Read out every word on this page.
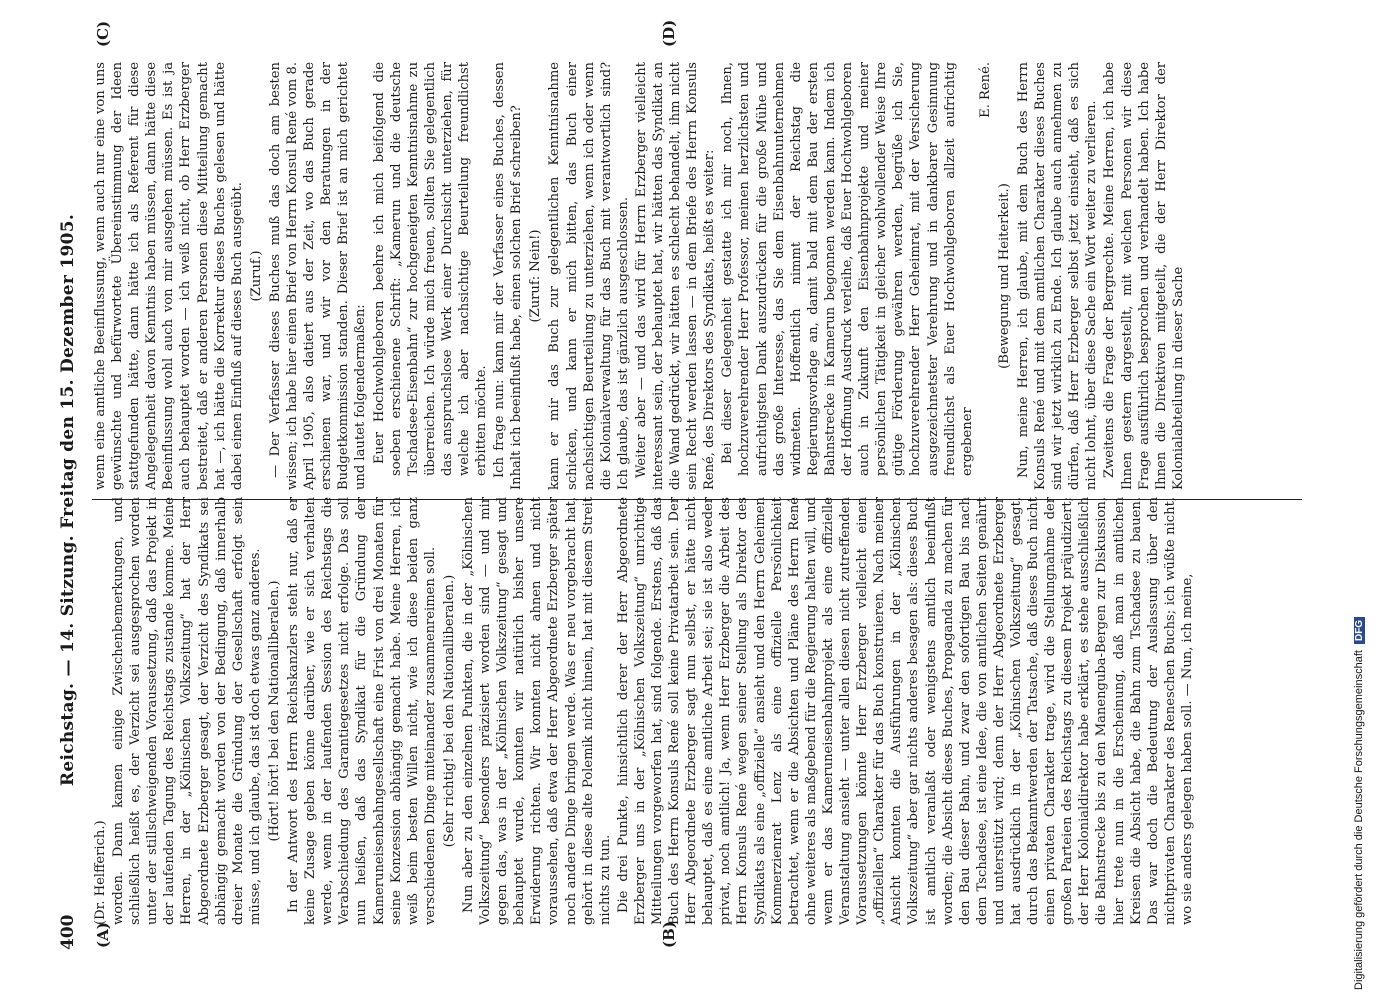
400
Reichstag. — 14. Sitzung. Freitag den 15. Dezember 1905.
(A)	(B)
(C)	(D)

(Dr. Helfferich.) worden. Dann kamen einige Zwischenbemerkungen, und schließlich heißt es, der Verzicht sei ausgesprochen worden unter der stillschweigenden Voraussetzung, daß das Projekt in der laufenden Tagung des Reichstags zustande komme. Meine Herren, in der „Kölnischen Volkszeitung“ hat der Herr Abgeordnete Erzberger gesagt, der Verzicht des Syndikats sei abhängig gemacht worden von der Bedingung, daß innerhalb dreier Monate die Gründung der Gesellschaft erfolgt sein müsse, und ich glaube, das ist doch etwas ganz anderes. (Hört! hört! bei den Nationalliberalen.) In der Antwort des Herrn Reichskanzlers steht nur, daß er keine Zusage geben könne darüber, wie er sich verhalten werde, wenn in der laufenden Session des Reichstags die Verabschiedung des Garantiegesetzes nicht erfolge. Das soll nun heißen, daß das Syndikat für die Gründung der Kameruneisenbahngesellschaft eine Frist von drei Monaten für seine Konzession abhängig gemacht habe. Meine Herren, ich weiß beim besten Willen nicht, wie ich diese beiden ganz verschiedenen Dinge miteinander zusammenreimen soll. (Sehr richtig! bei den Nationalliberalen.) Nun aber zu den einzelnen Punkten, die in der „Kölnischen Volkszeitung“ besonders präzisiert worden sind — und mir gegen das, was in der „Kölnischen Volkszeitung“ gesagt und behauptet wurde, konnten wir natürlich bisher unsere Erwiderung richten. Wir konnten nicht ahnen und nicht voraussehen, daß etwa der Herr Abgeordnete Erzberger später noch andere Dinge bringen werde. Was er neu vorgebracht hat, gehört in diese alte Polemik nicht hinein, hat mit diesem Streit nichts zu tun. Die drei Punkte, hinsichtlich derer der Herr Abgeordnete Erzberger uns in der „Kölnischen Volkszeitung“ unrichtige Mitteilungen vorgeworfen hat, sind folgende. Erstens, daß das Buch des Herrn Konsuls René soll keine Privatarbeit sein. Der Herr Abgeordnete Erzberger sagt nun selbst, er hätte nicht behauptet, daß es eine amtliche Arbeit sei; sie ist also weder privat, noch amtlich! Ja, wenn Herr Erzberger die Arbeit des Herrn Konsuls René wegen seiner Stellung als Direktor des Syndikats als eine „offizielle“ ansieht und den Herrn Geheimen Kommerzienrat Lenz als eine offizielle Persönlichkeit betrachtet, wenn er die Absichten und Pläne des Herrn René ohne weiteres als maßgebend für die Regierung halten will, und wenn er das Kameruneisenbahnprojekt als eine offizielle Veranstaltung ansieht — unter allen diesen nicht zutreffenden Voraussetzungen könnte Herr Erzberger vielleicht einen „offiziellen“ Charakter für das Buch konstruieren. Nach meiner Ansicht konnten die Ausführungen in der „Kölnischen Volkszeitung“ aber gar nichts anderes besagen als: dieses Buch ist amtlich veranlaßt oder wenigstens amtlich beeinflußt worden; die Absicht dieses Buches, Propaganda zu machen für den Bau dieser Bahn, und zwar den sofortigen Bau bis nach dem Tschadsee, ist eine Idee, die von amtlichen Seiten genährt und unterstützt wird; denn der Herr Abgeordnete Erzberger hat ausdrücklich in der „Kölnischen Volkszeitung“ gesagt, durch das Bekanntwerden der Tatsache, daß dieses Buch nicht einen privaten Charakter trage, wird die Stellungnahme der großen Parteien des Reichstags zu diesem Projekt präjudiziert; der Herr Kolonialdirektor habe erklärt, es stehe ausschließlich die Bahnstrecke bis zu den Manenguba-Bergen zur Diskussion, hier trete nun in die Erscheinung, daß man in amtlichen Kreisen die Absicht habe, die Bahn zum Tschadsee zu bauen. Das war doch die Bedeutung der Auslassung über den nichtprivaten Charakter des Reneschen Buchs; ich wüßte nicht, wo sie anders gelegen haben soll. — Nun, ich meine,

wenn eine amtliche Beeinflussung, wenn auch nur eine von uns gewünschte und befürwortete Übereinstimmung der Ideen stattgefunden hätte, dann hätte ich als Referent für diese Angelegenheit davon Kenntnis haben müssen, dann hätte diese Beeinflussung wohl auch von mir ausgehen müssen. Es ist ja auch behauptet worden — ich weiß nicht, ob Herr Erzberger bestreitet, daß er anderen Personen diese Mitteilung gemacht hat —, ich hätte die Korrektur dieses Buches gelesen und hätte dabei einen Einfluß auf dieses Buch ausgeübt. (Zuruf.) — Der Verfasser dieses Buches muß das doch am besten wissen; ich habe hier einen Brief von Herrn Konsul René vom 8. April 1905, also datiert aus der Zeit, wo das Buch gerade erschienen war, und wir vor den Beratungen in der Budgetkommission standen. Dieser Brief ist an mich gerichtet und lautet folgendermaßen: Euer Hochwohlgeboren beehre ich mich beifolgend die soeben erschienene Schrift: „Kamerun und die deutsche Tschadsee-Eisenbahn“ zur hochgeneigten Kenntnisnahme zu überreichen. Ich würde mich freuen, sollten Sie gelegentlich das anspruchslose Werk einer Durchsicht unterziehen, für welche ich aber nachsichtige Beurteilung freundlichst erbitten möchte. Ich frage nun: kann mir der Verfasser eines Buches, dessen Inhalt ich beeinflußt habe, einen solchen Brief schreiben? (Zuruf: Nein!) kann er mir das Buch zur gelegentlichen Kenntnisnahme schicken, und kann er mich bitten, das Buch einer nachsichtigen Beurteilung zu unterziehen, wenn ich oder wenn die Kolonialverwaltung für das Buch mit verantwortlich sind? Ich glaube, das ist gänzlich ausgeschlossen. Weiter aber — und das wird für Herrn Erzberger vielleicht interessant sein, der behauptet hat, wir hätten das Syndikat an die Wand gedrückt, wir hätten es schlecht behandelt, ihm nicht sein Recht werden lassen — in dem Briefe des Herrn Konsuls René, des Direktors des Syndikats, heißt es weiter: Bei dieser Gelegenheit gestatte ich mir noch, Ihnen, hochzuverehrender Herr Professor, meinen herzlichsten und aufrichtigsten Dank auszudrücken für die große Mühe und das große Interesse, das Sie dem Eisenbahnunternehmen widmeten. Hoffentlich nimmt der Reichstag die Regierungsvorlage an, damit bald mit dem Bau der ersten Bahnstrecke in Kamerun begonnen werden kann. Indem ich der Hoffnung Ausdruck verleihe, daß Euer Hochwohlgeboren auch in Zukunft den Eisenbahnprojekte und meiner persönlichen Tätigkeit in gleicher wohlwollender Weise Ihre gütige Förderung gewähren werden, begrüße ich Sie, hochzuverehrender Herr Geheimrat, mit der Versicherung ausgezeichnetster Verehrung und in dankbarer Gesinnung freundlichst als Euer Hochwohlgeboren allzeit aufrichtig ergebener

E. René.

(Bewegung und Heiterkeit.) Nun, meine Herren, ich glaube, mit dem Buch des Herrn Konsuls René und mit dem amtlichen Charakter dieses Buches sind wir jetzt wirklich zu Ende. Ich glaube auch annehmen zu dürfen, daß Herr Erzberger selbst jetzt einsieht, daß es sich nicht lohnt, über diese Sache ein Wort weiter zu verlieren. Zweitens die Frage der Bergrechte. Meine Herren, ich habe Ihnen gestern dargestellt, mit welchen Personen wir diese Frage ausführlich besprochen und verhandelt haben. Ich habe Ihnen die Direktiven mitgeteilt, die der Herr Direktor der Kolonialabteilung in dieser Sache

Digitalisierung gefördert durch die Deutsche ForschungsgemeinschaftDFG
